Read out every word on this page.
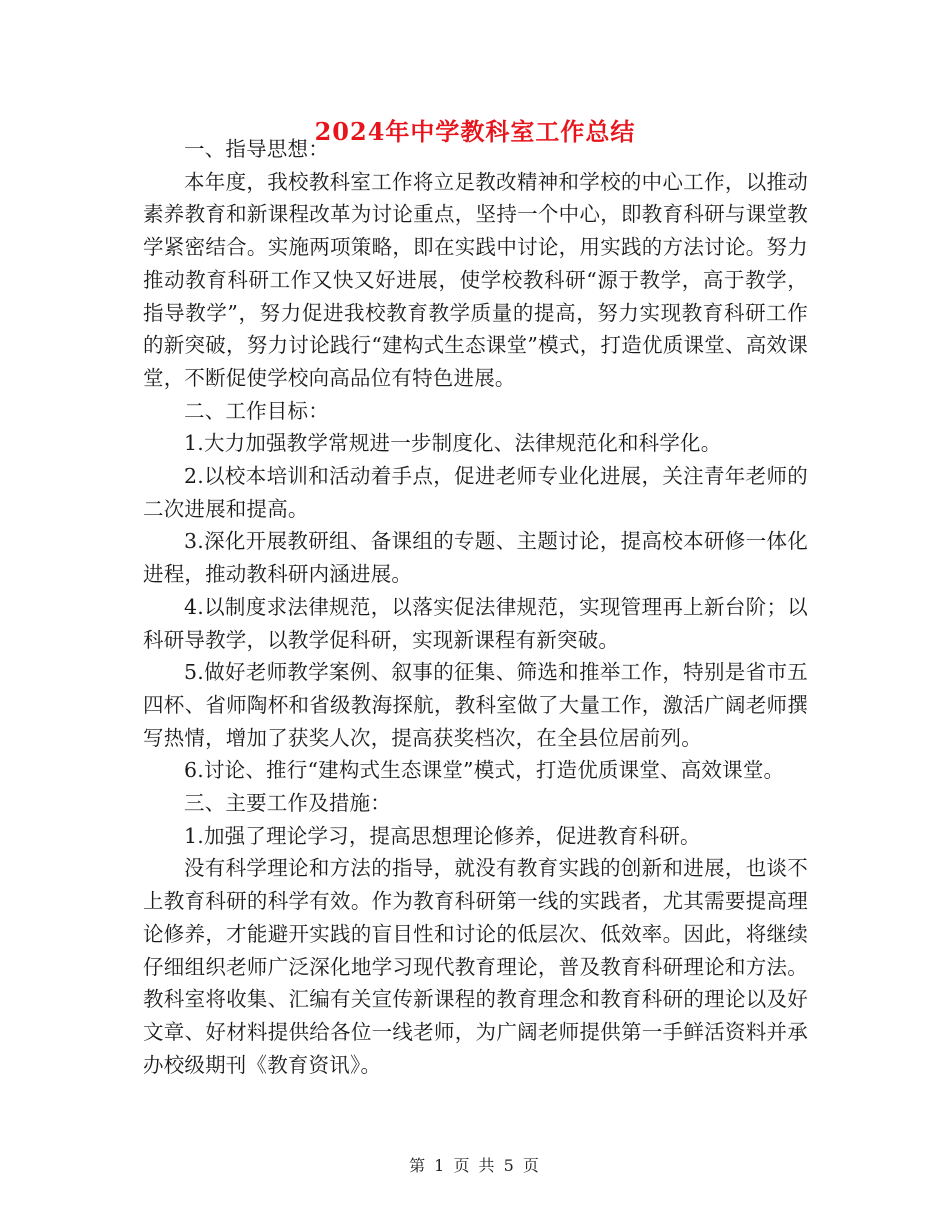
2024年中学教科室工作总结

一、指导思想：

本年度，我校教科室工作将立足教改精神和学校的中心工作，以推动素养教育和新课程改革为讨论重点，坚持一个中心，即教育科研与课堂教学紧密结合。实施两项策略，即在实践中讨论，用实践的方法讨论。努力推动教育科研工作又快又好进展，使学校教科研“源于教学，高于教学，指导教学”，努力促进我校教育教学质量的提高，努力实现教育科研工作的新突破，努力讨论践行“建构式生态课堂”模式，打造优质课堂、高效课堂，不断促使学校向高品位有特色进展。

二、工作目标：

1.大力加强教学常规进一步制度化、法律规范化和科学化。

2.以校本培训和活动着手点，促进老师专业化进展，关注青年老师的二次进展和提高。

3.深化开展教研组、备课组的专题、主题讨论，提高校本研修一体化进程，推动教科研内涵进展。

4.以制度求法律规范，以落实促法律规范，实现管理再上新台阶；以科研导教学，以教学促科研，实现新课程有新突破。

5.做好老师教学案例、叙事的征集、筛选和推举工作，特别是省市五四杯、省师陶杯和省级教海探航，教科室做了大量工作，激活广阔老师撰写热情，增加了获奖人次，提高获奖档次，在全县位居前列。

6.讨论、推行“建构式生态课堂”模式，打造优质课堂、高效课堂。

三、主要工作及措施：

1.加强了理论学习，提高思想理论修养，促进教育科研。

没有科学理论和方法的指导，就没有教育实践的创新和进展，也谈不上教育科研的科学有效。作为教育科研第一线的实践者，尤其需要提高理论修养，才能避开实践的盲目性和讨论的低层次、低效率。因此，将继续仔细组织老师广泛深化地学习现代教育理论，普及教育科研理论和方法。教科室将收集、汇编有关宣传新课程的教育理念和教育科研的理论以及好文章、好材料提供给各位一线老师，为广阔老师提供第一手鲜活资料并承办校级期刊《教育资讯》。

第 1 页 共 5 页
